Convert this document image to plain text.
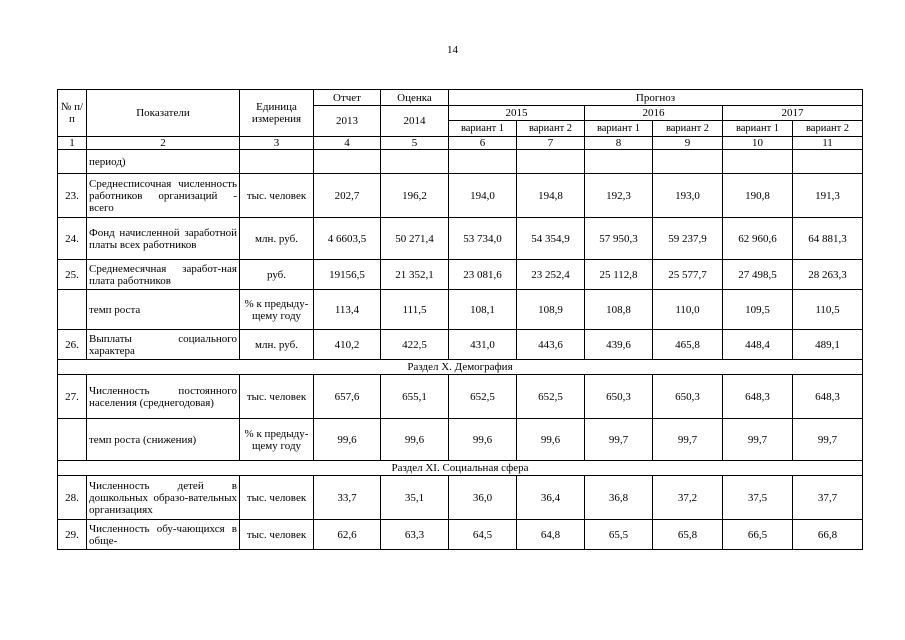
14
№ п/п	Показатели	Единица измерения	Отчет	Оценка	Прогноз					
			2013	2014	2015		2016		2017	
					вариант 1	вариант 2	вариант 1	вариант 2	вариант 1	вариант 2
1	2	3	4	5	6	7	8	9	10	11
	период)									
23.	Среднесписочная численность работников организаций - всего	тыс. человек	202,7	196,2	194,0	194,8	192,3	193,0	190,8	191,3
24.	Фонд начисленной заработной платы всех работников	млн. руб.	4 6603,5	50 271,4	53 734,0	54 354,9	57 950,3	59 237,9	62 960,6	64 881,3
25.	Среднемесячная заработ-ная плата работников	руб.	19156,5	21 352,1	23 081,6	23 252,4	25 112,8	25 577,7	27 498,5	28 263,3
	темп роста	% к предыду-щему году	113,4	111,5	108,1	108,9	108,8	110,0	109,5	110,5
26.	Выплаты социального характера	млн. руб.	410,2	422,5	431,0	443,6	439,6	465,8	448,4	489,1
Раздел X. Демография										
27.	Численность постоянного населения (среднегодовая)	тыс. человек	657,6	655,1	652,5	652,5	650,3	650,3	648,3	648,3
	темп роста (снижения)	% к предыду-щему году	99,6	99,6	99,6	99,6	99,7	99,7	99,7	99,7
Раздел XI. Социальная сфера										
28.	Численность детей в дошкольных образо-вательных организациях	тыс. человек	33,7	35,1	36,0	36,4	36,8	37,2	37,5	37,7
29.	Численность обу-чающихся в обще-	тыс. человек	62,6	63,3	64,5	64,8	65,5	65,8	66,5	66,8
